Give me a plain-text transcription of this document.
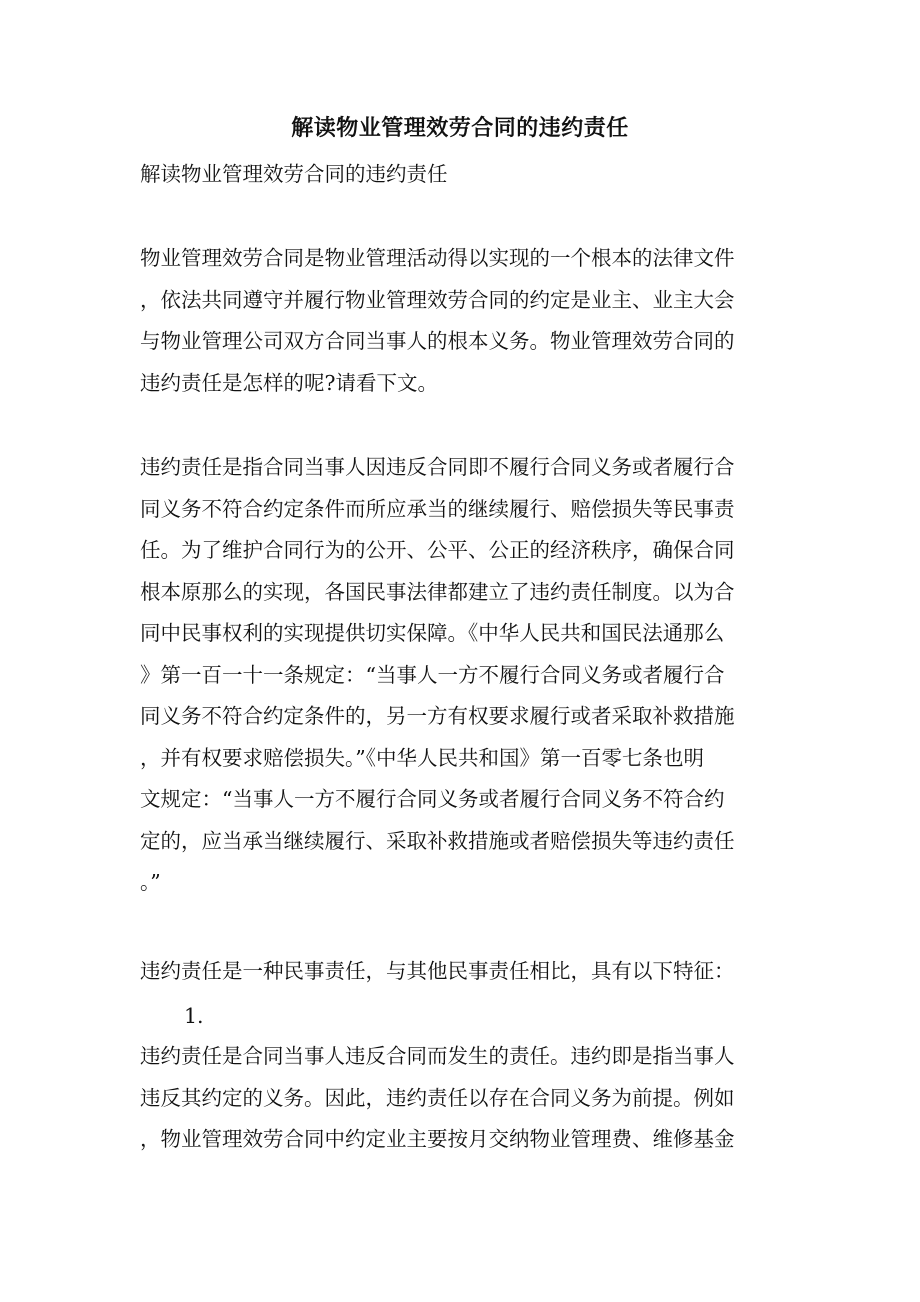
解读物业管理效劳合同的违约责任
解读物业管理效劳合同的违约责任
物业管理效劳合同是物业管理活动得以实现的一个根本的法律文件
，依法共同遵守并履行物业管理效劳合同的约定是业主、业主大会
与物业管理公司双方合同当事人的根本义务。物业管理效劳合同的
违约责任是怎样的呢?请看下文。
违约责任是指合同当事人因违反合同即不履行合同义务或者履行合
同义务不符合约定条件而所应承当的继续履行、赔偿损失等民事责
任。为了维护合同行为的公开、公平、公正的经济秩序，确保合同
根本原那么的实现，各国民事法律都建立了违约责任制度。以为合
同中民事权利的实现提供切实保障。《中华人民共和国民法通那么
》第一百一十一条规定：“当事人一方不履行合同义务或者履行合
同义务不符合约定条件的，另一方有权要求履行或者采取补救措施
，并有权要求赔偿损失。”《中华人民共和国》第一百零七条也明
文规定：“当事人一方不履行合同义务或者履行合同义务不符合约
定的，应当承当继续履行、采取补救措施或者赔偿损失等违约责任
。”
违约责任是一种民事责任，与其他民事责任相比，具有以下特征：
1.
违约责任是合同当事人违反合同而发生的责任。违约即是指当事人
违反其约定的义务。因此，违约责任以存在合同义务为前提。例如
，物业管理效劳合同中约定业主要按月交纳物业管理费、维修基金
